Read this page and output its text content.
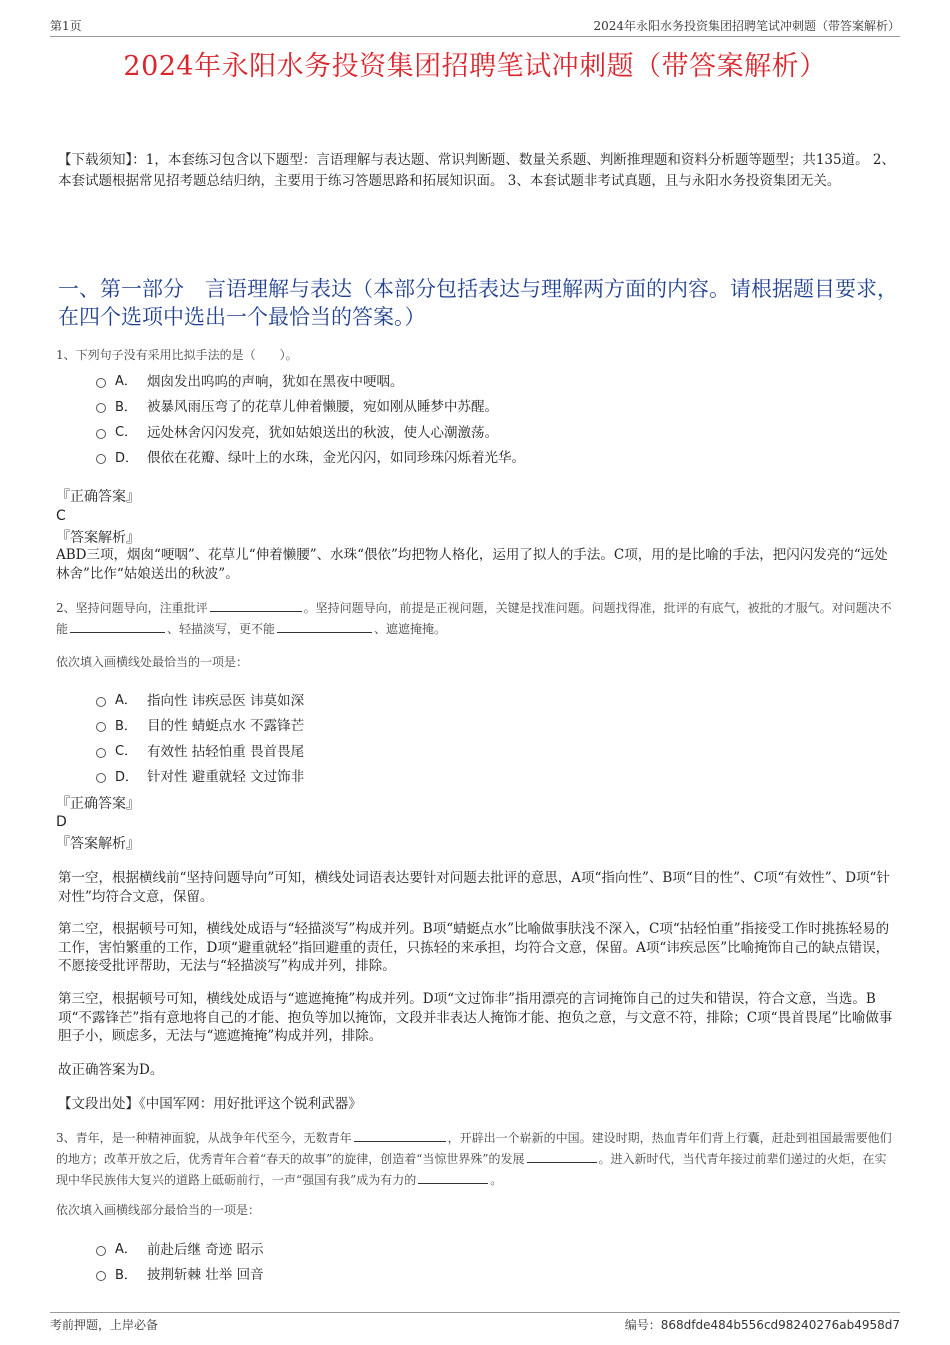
第1页	2024年永阳水务投资集团招聘笔试冲刺题（带答案解析）
2024年永阳水务投资集团招聘笔试冲刺题（带答案解析）
【下载须知】：1，本套练习包含以下题型：言语理解与表达题、常识判断题、数量关系题、判断推理题和资料分析题等题型；共135道。 2、本套试题根据常见招考题总结归纳，主要用于练习答题思路和拓展知识面。 3、本套试题非考试真题，且与永阳水务投资集团无关。
一、第一部分　言语理解与表达（本部分包括表达与理解两方面的内容。请根据题目要求，在四个选项中选出一个最恰当的答案。）
1、下列句子没有采用比拟手法的是（　　）。
A． 烟囱发出呜呜的声响，犹如在黑夜中哽咽。
B． 被暴风雨压弯了的花草儿伸着懒腰，宛如刚从睡梦中苏醒。
C． 远处林舍闪闪发亮，犹如姑娘送出的秋波，使人心潮激荡。
D． 偎依在花瓣、绿叶上的水珠，金光闪闪，如同珍珠闪烁着光华。
『正确答案』
C
『答案解析』
ABD三项，烟囱“哽咽”、花草儿“伸着懒腰”、水珠“偎依”均把物人格化，运用了拟人的手法。C项，用的是比喻的手法，把闪闪发亮的“远处林舍”比作“姑娘送出的秋波”。
2、坚持问题导向，注重批评	。坚持问题导向，前提是正视问题，关键是找准问题。问题找得准，批评的有底气，被批的才服气。对问题决不能	、轻描淡写，更不能	、遮遮掩掩。
依次填入画横线处最恰当的一项是：
A． 指向性 讳疾忌医 讳莫如深
B． 目的性 蜻蜓点水 不露锋芒
C． 有效性 拈轻怕重 畏首畏尾
D． 针对性 避重就轻 文过饰非
『正确答案』
D
『答案解析』
第一空，根据横线前“坚持问题导向”可知，横线处词语表达要针对问题去批评的意思，A项“指向性”、B项“目的性”、C项“有效性”、D项“针对性”均符合文意，保留。
第二空，根据顿号可知，横线处成语与“轻描淡写”构成并列。B项“蜻蜓点水”比喻做事肤浅不深入，C项“拈轻怕重”指接受工作时挑拣轻易的工作，害怕繁重的工作，D项“避重就轻”指回避重的责任，只拣轻的来承担，均符合文意，保留。A项“讳疾忌医”比喻掩饰自己的缺点错误，不愿接受批评帮助，无法与“轻描淡写”构成并列，排除。
第三空，根据顿号可知，横线处成语与“遮遮掩掩”构成并列。D项“文过饰非”指用漂亮的言词掩饰自己的过失和错误，符合文意，当选。B项“不露锋芒”指有意地将自己的才能、抱负等加以掩饰，文段并非表达人掩饰才能、抱负之意，与文意不符，排除；C项“畏首畏尾”比喻做事胆子小，顾虑多，无法与“遮遮掩掩”构成并列，排除。
故正确答案为D。
【文段出处】《中国军网：用好批评这个锐利武器》
3、青年，是一种精神面貌，从战争年代至今，无数青年	，开辟出一个崭新的中国。建设时期，热血青年们背上行囊，赶赴到祖国最需要他们的地方；改革开放之后，优秀青年合着“春天的故事”的旋律，创造着“当惊世界殊”的发展	。进入新时代，当代青年接过前辈们递过的火炬，在实现中华民族伟大复兴的道路上砥砺前行，一声“强国有我”成为有力的	。
依次填入画横线部分最恰当的一项是：
A． 前赴后继 奇迹 昭示
B． 披荆斩棘 壮举 回音
考前押题，上岸必备	编号：868dfde484b556cd98240276ab4958d7
